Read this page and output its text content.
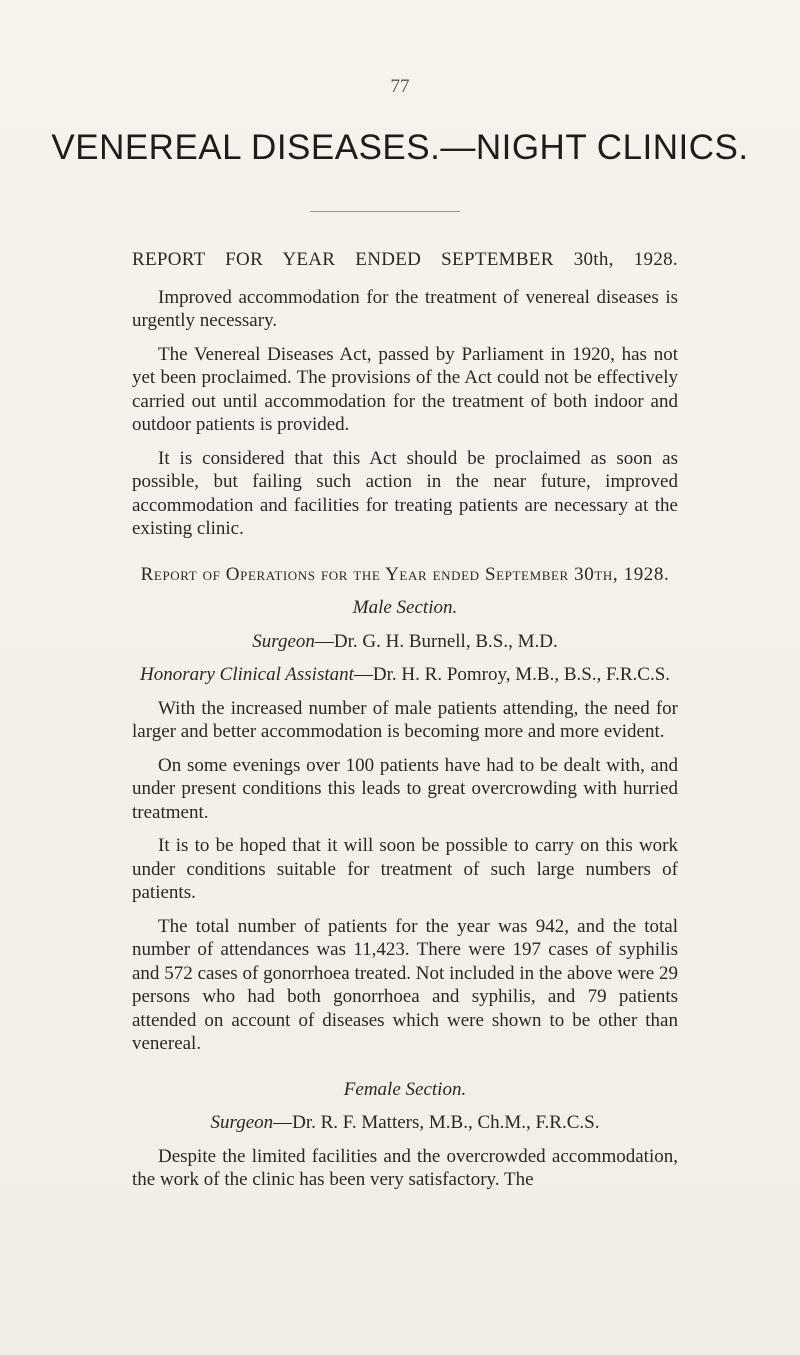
77
VENEREAL DISEASES.—NIGHT CLINICS.
REPORT FOR YEAR ENDED SEPTEMBER 30th, 1928.

Improved accommodation for the treatment of venereal diseases is urgently necessary.

The Venereal Diseases Act, passed by Parliament in 1920, has not yet been proclaimed. The provisions of the Act could not be effectively carried out until accommodation for the treatment of both indoor and outdoor patients is provided.

It is considered that this Act should be proclaimed as soon as possible, but failing such action in the near future, improved accommodation and facilities for treating patients are necessary at the existing clinic.

Report of Operations for the Year ended September 30th, 1928.
Male Section.
Surgeon—Dr. G. H. Burnell, B.S., M.D.
Honorary Clinical Assistant—Dr. H. R. Pomroy, M.B., B.S., F.R.C.S.

With the increased number of male patients attending, the need for larger and better accommodation is becoming more and more evident.

On some evenings over 100 patients have had to be dealt with, and under present conditions this leads to great overcrowding with hurried treatment.

It is to be hoped that it will soon be possible to carry on this work under conditions suitable for treatment of such large numbers of patients.

The total number of patients for the year was 942, and the total number of attendances was 11,423. There were 197 cases of syphilis and 572 cases of gonorrhoea treated. Not included in the above were 29 persons who had both gonorrhoea and syphilis, and 79 patients attended on account of diseases which were shown to be other than venereal.

Female Section.
Surgeon—Dr. R. F. Matters, M.B., Ch.M., F.R.C.S.

Despite the limited facilities and the overcrowded accommodation, the work of the clinic has been very satisfactory. The
